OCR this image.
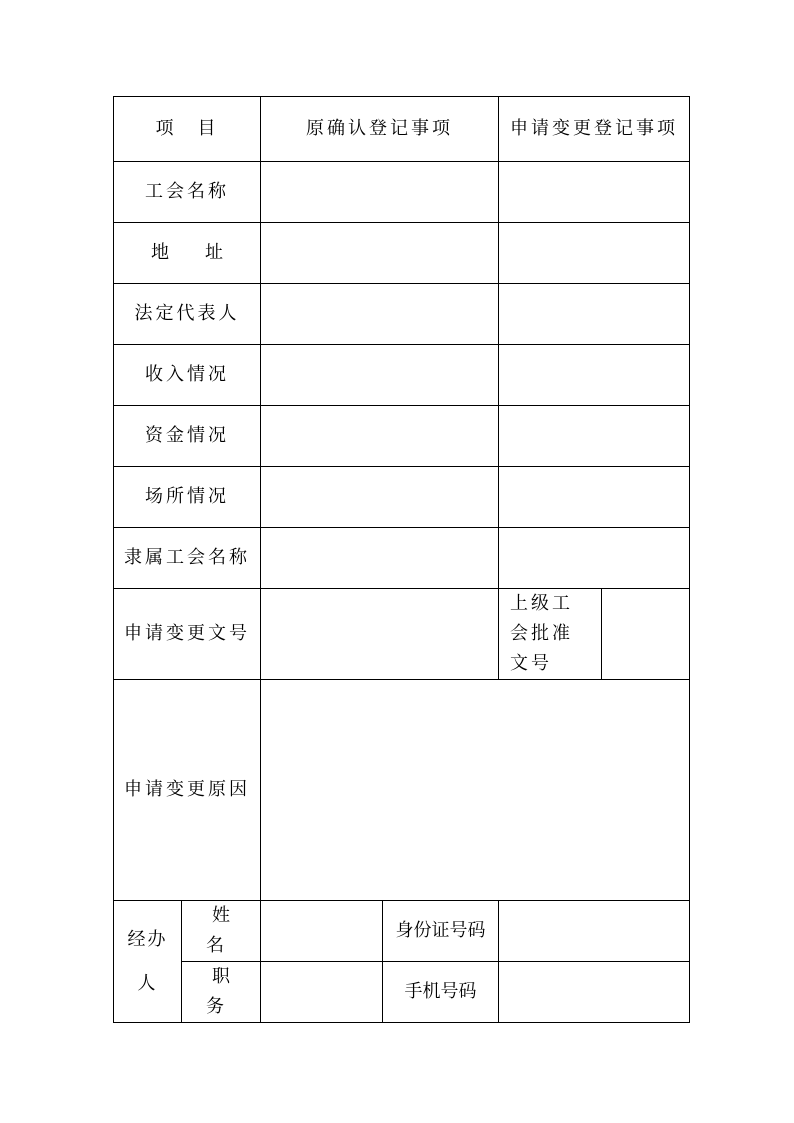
项　目		原确认登记事项		申请变更登记事项	
工会名称					
地　　址					
法定代表人					
收入情况					
资金情况					
场所情况					
隶属工会名称					
申请变更文号				上级工会批准文号	
申请变更原因					
经办人	姓 名		身份证号码		
	职 务		手机号码		
